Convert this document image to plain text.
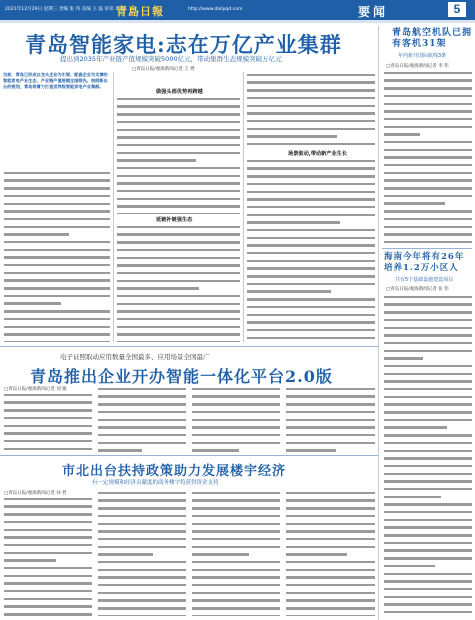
2021年12月29日 星期三 责编 张 伟 美编 王 磊 审读 李 敏
青島日報	http://www.dailyqd.com	要闻	5
青岛智能家电:志在万亿产业集群
提出到2035年产业链产值规模突破5000亿元，带动集群生态规模突破万亿元
□青岛日报/观海新闻记者 王 娉
当前，青岛已形成以龙头企业为引领、配套企业为支撑的智能家电产业生态，产业链产值规模全国领先。按照新出台的规划，青岛将着力打造世界级智能家电产业集群。
做强头部优势再跨越
延链补链强生态
场景驱动,带动新产业生长
青岛航空机队已拥有客机31架
年内新开国际航线3条
□青岛日报/观海新闻记者 李 伟
海南今年将有26年培养1.2万小区人
共有5个基础设施建设项目
□青岛日报/观海新闻记者 张 伟
电子证照取动应用数量全国最多、应用场景全国最广
青岛推出企业开办智能一体化平台2.0版
□青岛日报/观海新闻记者 刘 媛
市北出台扶持政策助力发展楼宇经济
有一定规模和经济贡献度的商务楼宇将获得资金支持
□青岛日报/观海新闻记者 孙 哲
